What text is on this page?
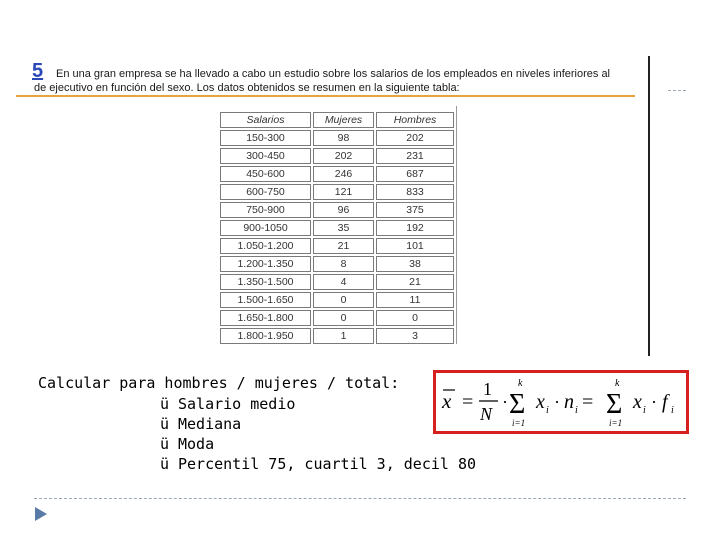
5 En una gran empresa se ha llevado a cabo un estudio sobre los salarios de los empleados en niveles inferiores al
de ejecutivo en función del sexo. Los datos obtenidos se resumen en la siguiente tabla:
Salarios	Mujeres	Hombres
150-300	98	202
300-450	202	231
450-600	246	687
600-750	121	833
750-900	96	375
900-1050	35	192
1.050-1.200	21	101
1.200-1.350	8	38
1.350-1.500	4	21
1.500-1.650	0	11
1.650-1.800	0	0
1.800-1.950	1	3
Calcular para hombres / mujeres / total:
ü Salario medio
ü Mediana
ü Moda
ü Percentil 75, cuartil 3, decil 80
x =
1
N
·
k
Σ
i=1
x i · n i =
k
Σ
i=1
x i · f i
